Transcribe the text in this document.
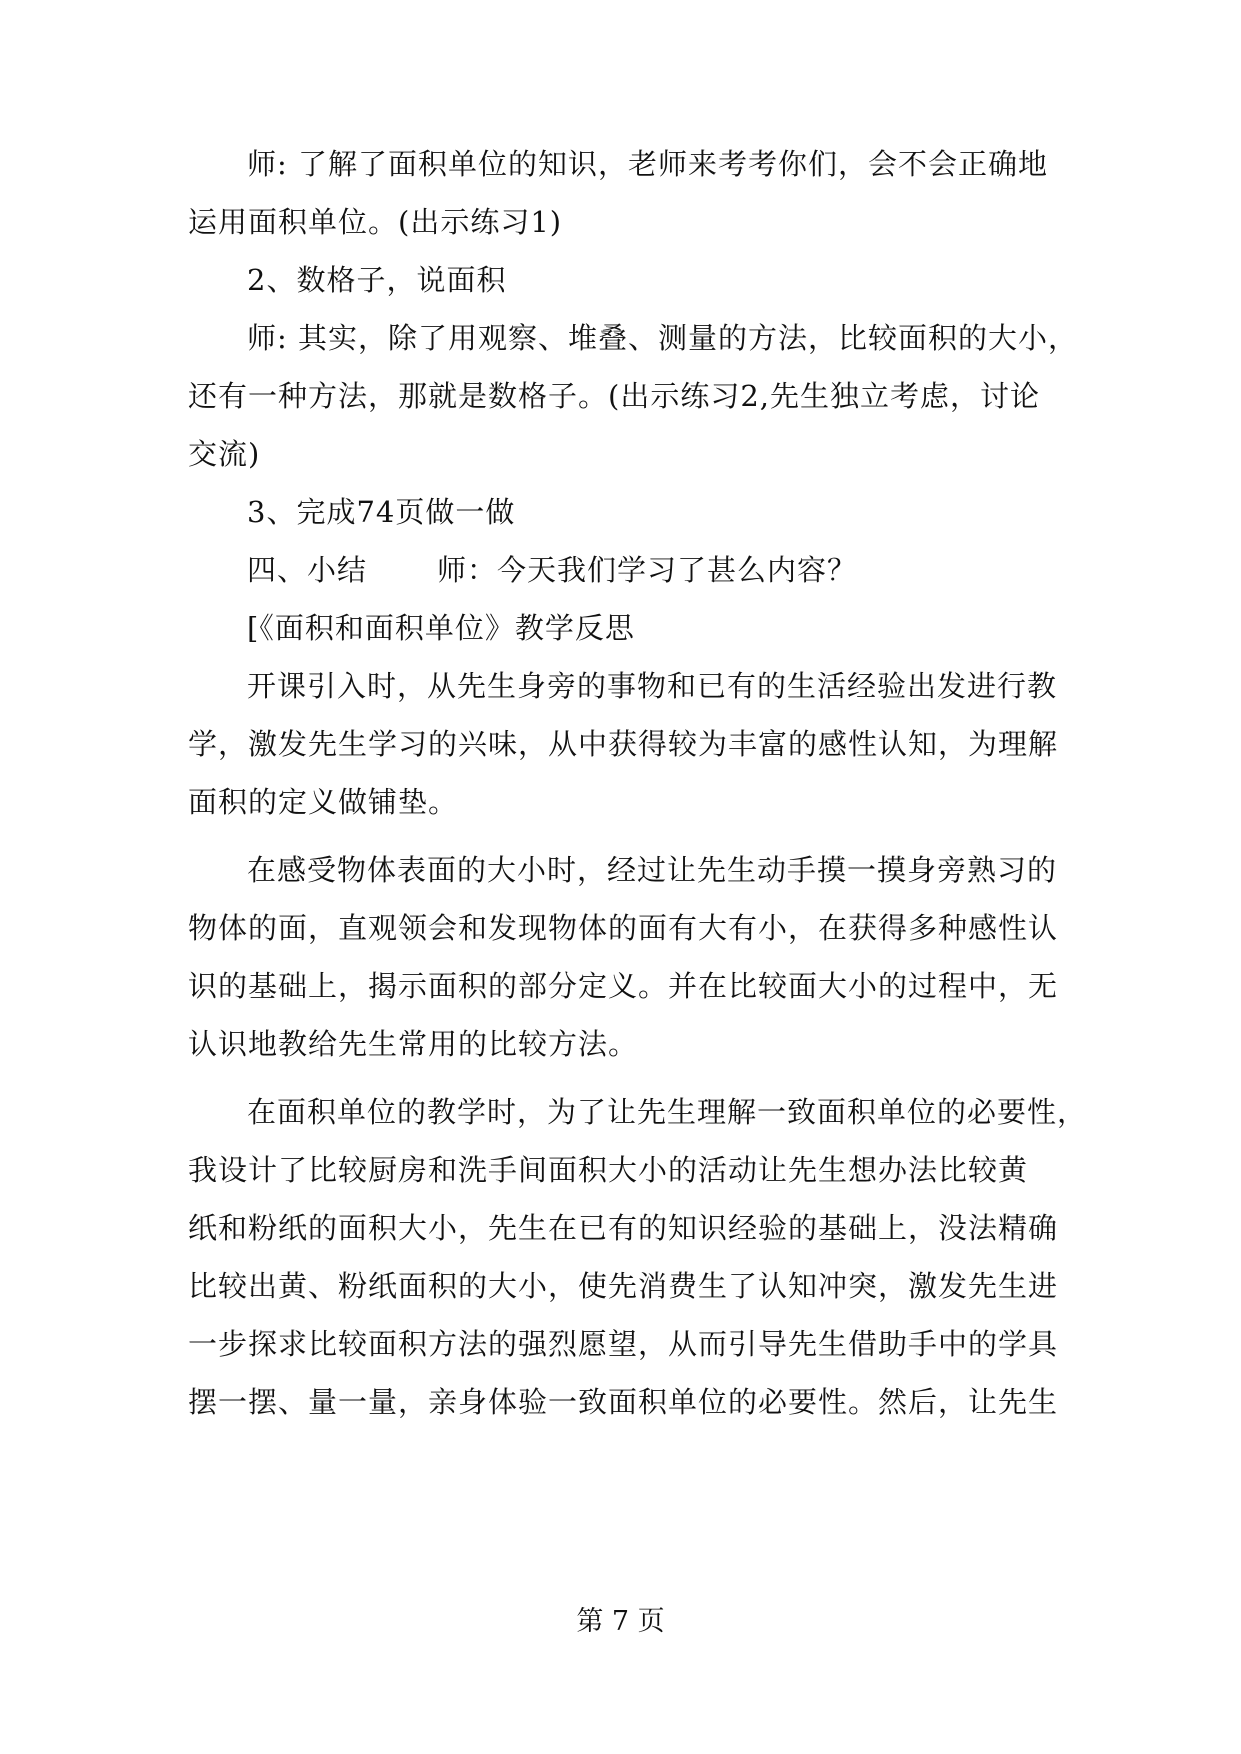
师: 了解了面积单位的知识，老师来考考你们，会不会正确地
运用面积单位。(出示练习1)
2、数格子，说面积
师: 其实，除了用观察、堆叠、测量的方法，比较面积的大小，
还有一种方法，那就是数格子。(出示练习2,先生独立考虑，讨论
交流)
3、完成74页做一做
四、小结 师：今天我们学习了甚么内容？
[《面积和面积单位》教学反思
开课引入时，从先生身旁的事物和已有的生活经验出发进行教
学，激发先生学习的兴味，从中获得较为丰富的感性认知，为理解
面积的定义做铺垫。
在感受物体表面的大小时，经过让先生动手摸一摸身旁熟习的
物体的面，直观领会和发现物体的面有大有小，在获得多种感性认
识的基础上，揭示面积的部分定义。并在比较面大小的过程中，无
认识地教给先生常用的比较方法。
在面积单位的教学时，为了让先生理解一致面积单位的必要性，
我设计了比较厨房和洗手间面积大小的活动让先生想办法比较黄
纸和粉纸的面积大小，先生在已有的知识经验的基础上，没法精确
比较出黄、粉纸面积的大小，使先消费生了认知冲突，激发先生进
一步探求比较面积方法的强烈愿望，从而引导先生借助手中的学具
摆一摆、量一量，亲身体验一致面积单位的必要性。然后，让先生
第 7 页
